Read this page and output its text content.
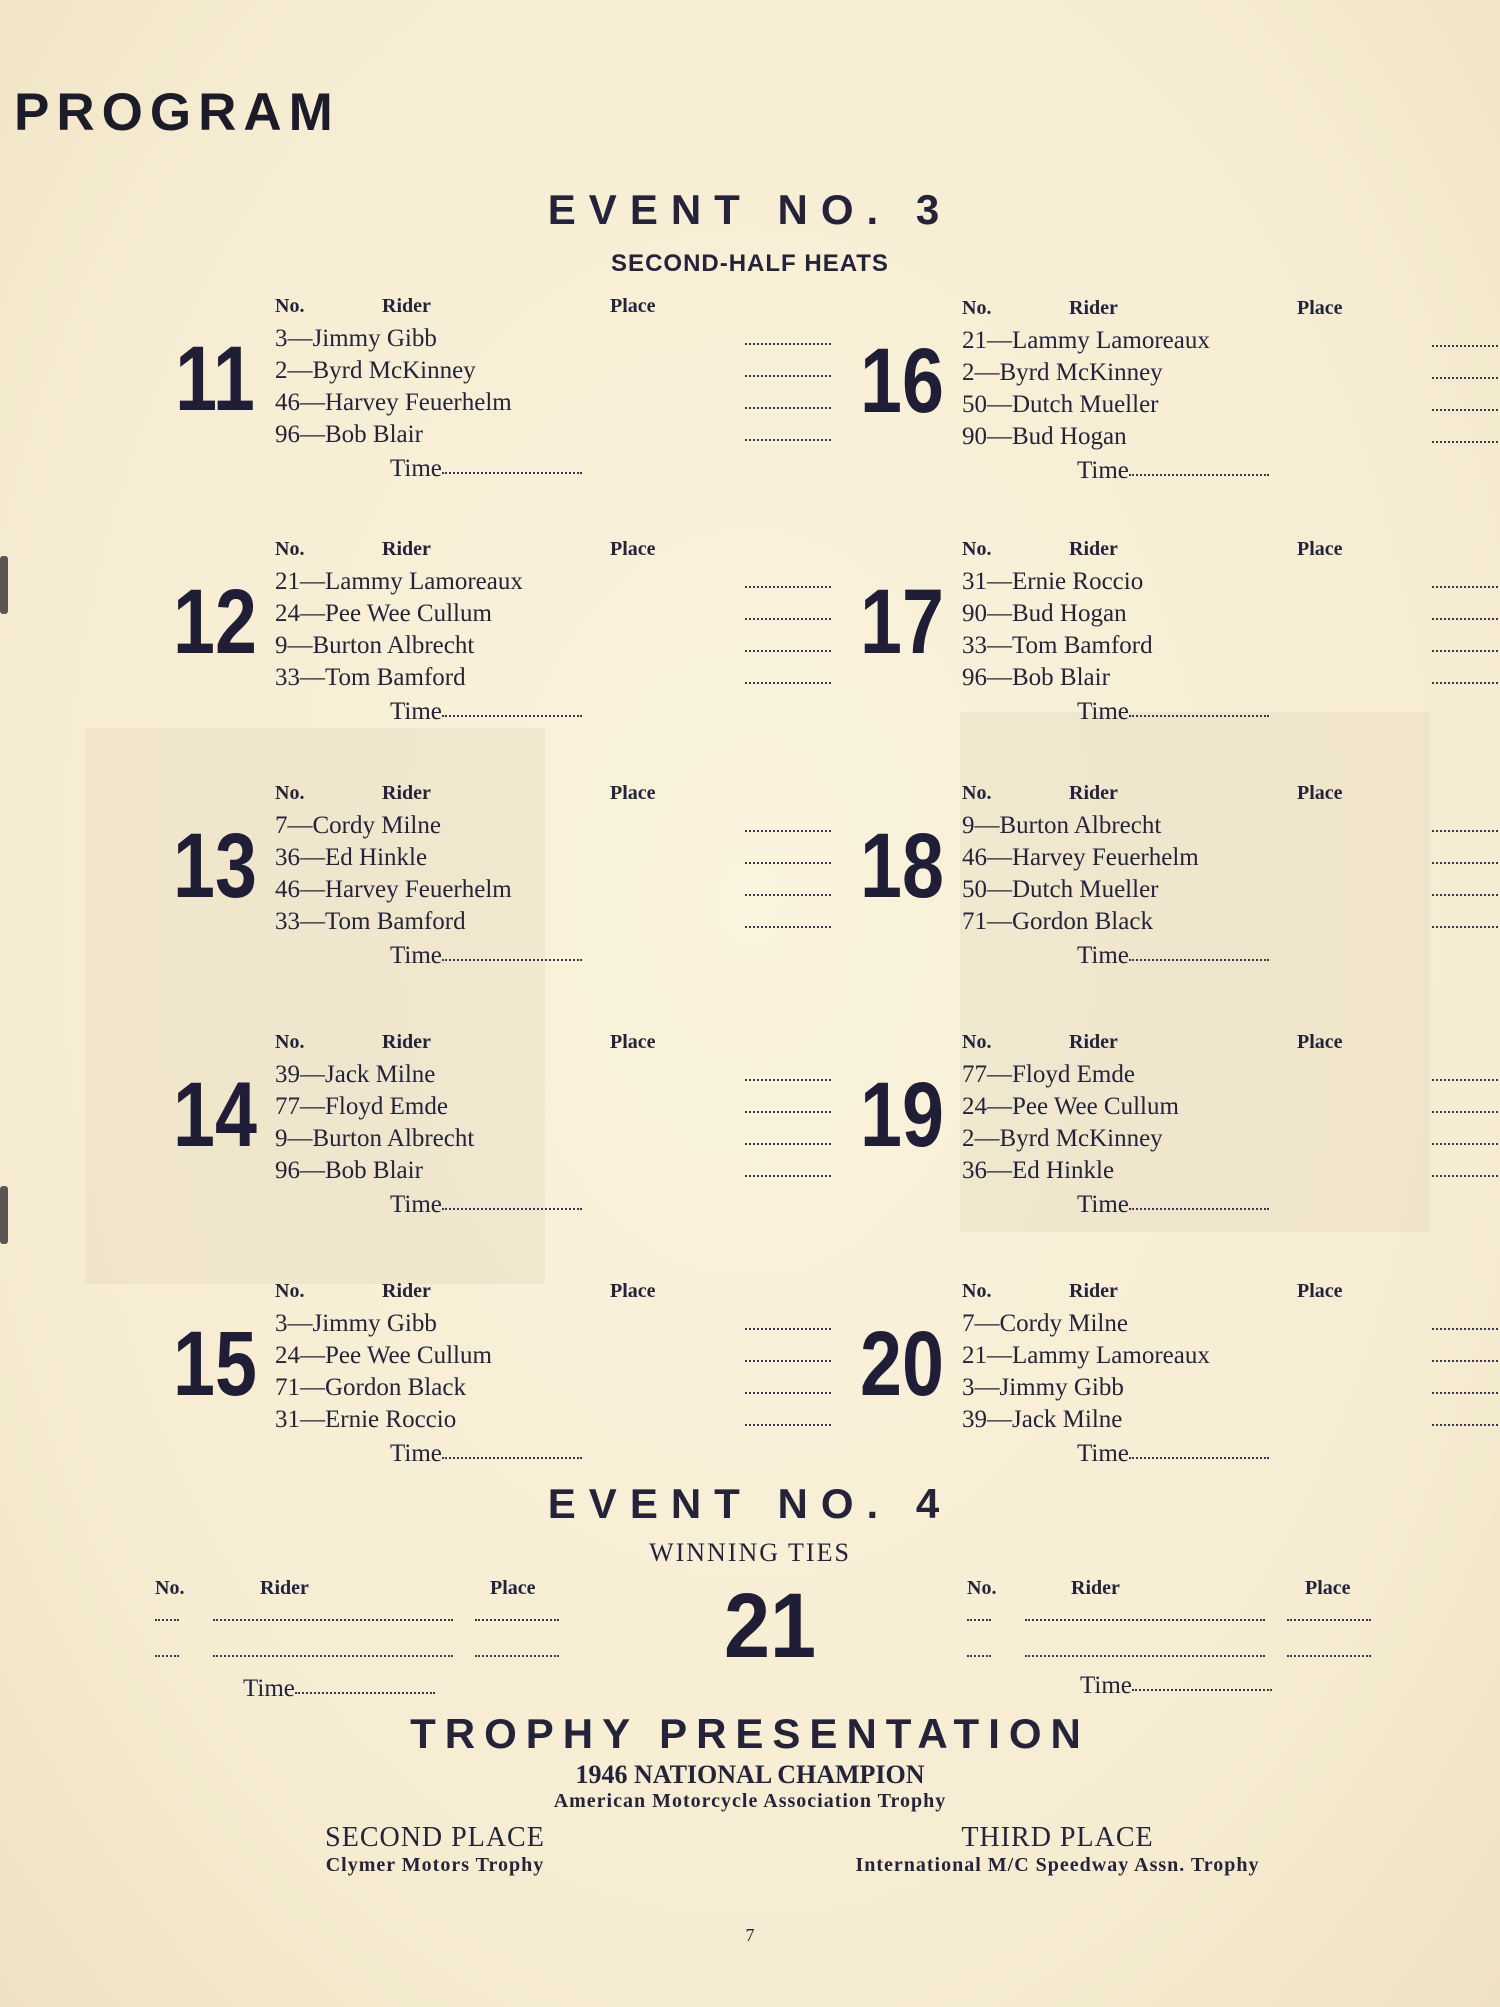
PROGRAM
EVENT NO. 3
SECOND-HALF HEATS
11
No.	Rider	Place
3—Jimmy Gibb
2—Byrd McKinney
46—Harvey Feuerhelm
96—Bob Blair
Time
12
No.	Rider	Place
21—Lammy Lamoreaux
24—Pee Wee Cullum
9—Burton Albrecht
33—Tom Bamford
Time
13
No.	Rider	Place
7—Cordy Milne
36—Ed Hinkle
46—Harvey Feuerhelm
33—Tom Bamford
Time
14
No.	Rider	Place
39—Jack Milne
77—Floyd Emde
9—Burton Albrecht
96—Bob Blair
Time
15
No.	Rider	Place
3—Jimmy Gibb
24—Pee Wee Cullum
71—Gordon Black
31—Ernie Roccio
Time
16
No.	Rider	Place
21—Lammy Lamoreaux
2—Byrd McKinney
50—Dutch Mueller
90—Bud Hogan
Time
17
No.	Rider	Place
31—Ernie Roccio
90—Bud Hogan
33—Tom Bamford
96—Bob Blair
Time
18
No.	Rider	Place
9—Burton Albrecht
46—Harvey Feuerhelm
50—Dutch Mueller
71—Gordon Black
Time
19
No.	Rider	Place
77—Floyd Emde
24—Pee Wee Cullum
2—Byrd McKinney
36—Ed Hinkle
Time
20
No.	Rider	Place
7—Cordy Milne
21—Lammy Lamoreaux
3—Jimmy Gibb
39—Jack Milne
Time
EVENT NO. 4
WINNING TIES
No.	Rider	Place
Time
21	No.	Rider	Place
Time
TROPHY PRESENTATION
1946 NATIONAL CHAMPION
American Motorcycle Association Trophy
SECOND PLACE
Clymer Motors Trophy
THIRD PLACE
International M/C Speedway Assn. Trophy
7
